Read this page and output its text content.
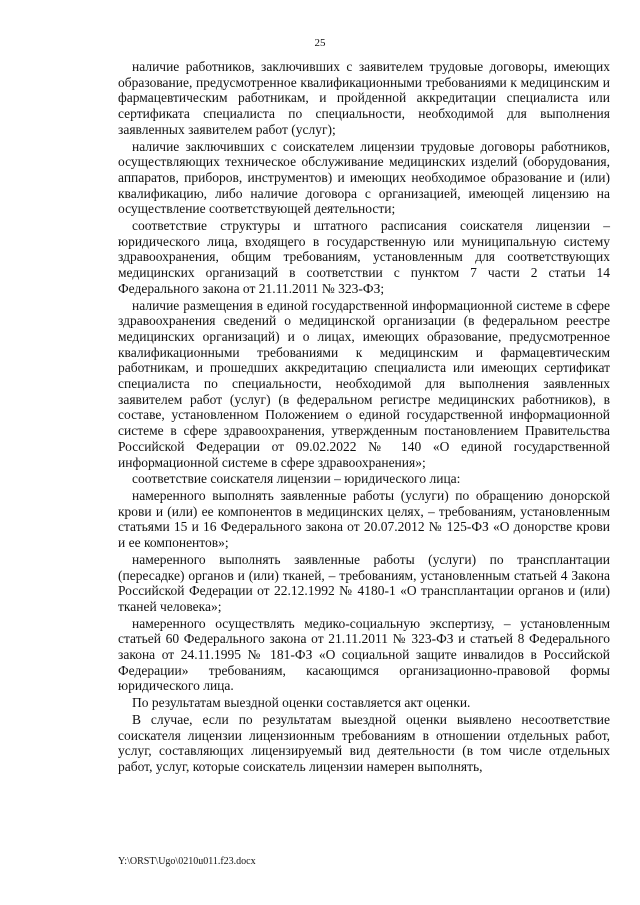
25

наличие работников, заключивших с заявителем трудовые договоры, имеющих образование, предусмотренное квалификационными требованиями к медицинским и фармацевтическим работникам, и пройденной аккредитации специалиста или сертификата специалиста по специальности, необходимой для выполнения заявленных заявителем работ (услуг);

наличие заключивших с соискателем лицензии трудовые договоры работников, осуществляющих техническое обслуживание медицинских изделий (оборудования, аппаратов, приборов, инструментов) и имеющих необходимое образование и (или) квалификацию, либо наличие договора с организацией, имеющей лицензию на осуществление соответствующей деятельности;

соответствие структуры и штатного расписания соискателя лицензии – юридического лица, входящего в государственную или муниципальную систему здравоохранения, общим требованиям, установленным для соответствующих медицинских организаций в соответствии с пунктом 7 части 2 статьи 14 Федерального закона от 21.11.2011 № 323-ФЗ;

наличие размещения в единой государственной информационной системе в сфере здравоохранения сведений о медицинской организации (в федеральном реестре медицинских организаций) и о лицах, имеющих образование, предусмотренное квалификационными требованиями к медицинским и фармацевтическим работникам, и прошедших аккредитацию специалиста или имеющих сертификат специалиста по специальности, необходимой для выполнения заявленных заявителем работ (услуг) (в федеральном регистре медицинских работников), в составе, установленном Положением о единой государственной информационной системе в сфере здравоохранения, утвержденным постановлением Правительства Российской Федерации от 09.02.2022 № 140 «О единой государственной информационной системе в сфере здравоохранения»;

соответствие соискателя лицензии – юридического лица:

намеренного выполнять заявленные работы (услуги) по обращению донорской крови и (или) ее компонентов в медицинских целях, – требованиям, установленным статьями 15 и 16 Федерального закона от 20.07.2012 № 125-ФЗ «О донорстве крови и ее компонентов»;

намеренного выполнять заявленные работы (услуги) по трансплантации (пересадке) органов и (или) тканей, – требованиям, установленным статьей 4 Закона Российской Федерации от 22.12.1992 № 4180-1 «О трансплантации органов и (или) тканей человека»;

намеренного осуществлять медико-социальную экспертизу, – установленным статьей 60 Федерального закона от 21.11.2011 № 323-ФЗ и статьей 8 Федерального закона от 24.11.1995 № 181-ФЗ «О социальной защите инвалидов в Российской Федерации» требованиям, касающимся организационно-правовой формы юридического лица.

По результатам выездной оценки составляется акт оценки.

В случае, если по результатам выездной оценки выявлено несоответствие соискателя лицензии лицензионным требованиям в отношении отдельных работ, услуг, составляющих лицензируемый вид деятельности (в том числе отдельных работ, услуг, которые соискатель лицензии намерен выполнять,

Y:\ORST\Ugo\0210u011.f23.docx
